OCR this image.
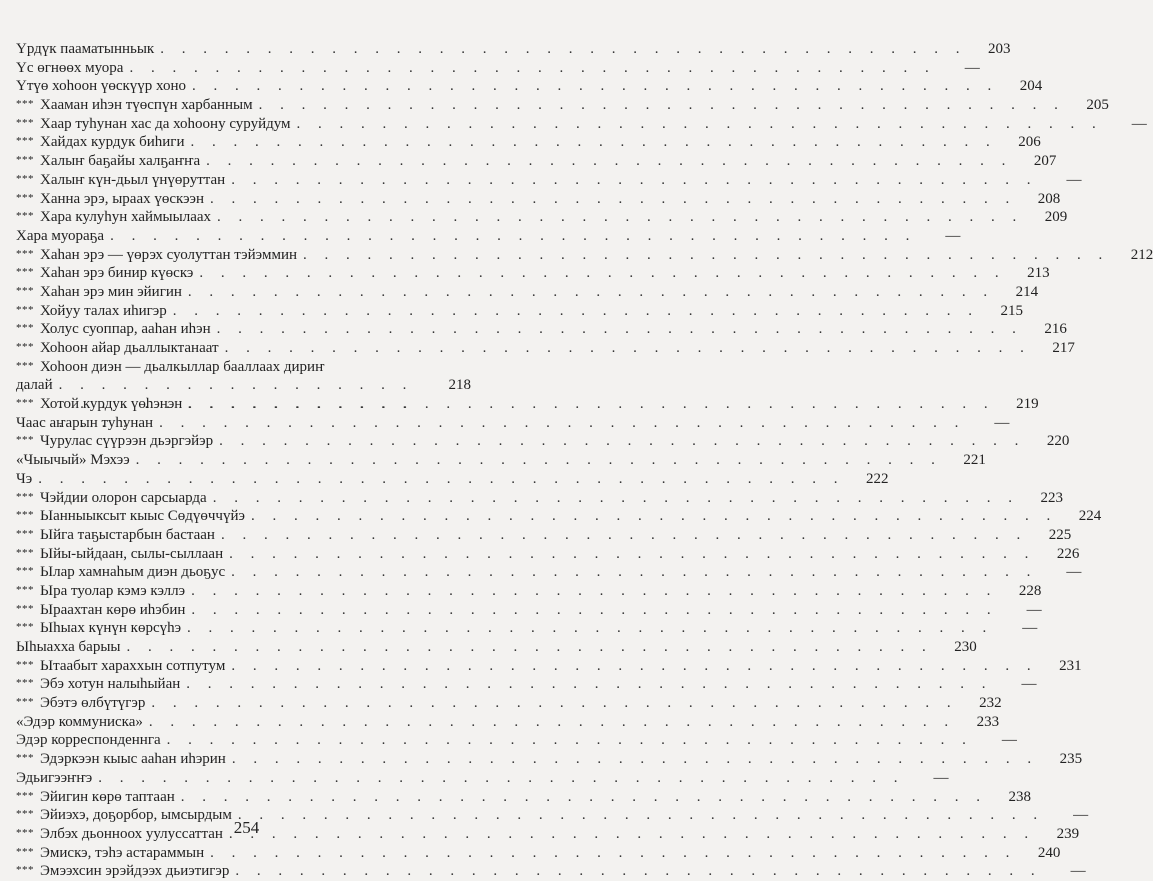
Үрдүк пааматынньык . . .	203
Үс өгнөөх муора . . .	—
Үтүө хоһоон үөскүүр хоно . . .	204
*** Хааман иһэн түөспүн харбанным . . .	205
*** Хаар туһунан хас да хоһоону суруйдум . . .	—
*** Хайдах курдук биһиги . . .	206
*** Халыҥ баҕайы халҕаҥҥа . . .	207
*** Халыҥ күн-дьыл үнүөруттан . . .	—
*** Ханна эрэ, ыраах үөскээн . . .	208
*** Хара кулуһун хаймыылаах . . .	209
Хара муораҕа . . .	—
*** Хаһан эрэ — үөрэх суолуттан тэйэммин . . .	212
*** Хаһан эрэ бинир күөскэ . . .	213
*** Хаһан эрэ мин эйигин . . .	214
*** Хойуу талах иһигэр . . .	215
*** Холус суоппар, ааһан иһэн . . .	216
*** Хоһоон айар дьаллыктанаат . . .	217
*** Хоһоон диэн — дьалкыллар бааллаах дириҥ
далай . . .	218
*** Хотой курдук үөһэнэн . . .	219
Чаас аҥарын туһунан . . .	—
*** Чурулас сүүрээн дьэргэйэр . . .	220
«Чыычый» Мэхээ . . .	221
Чэ . . .	222
*** Чэйдии олорон сарсыарда . . .	223
*** Ыанныыксыт кыыс Сөдүөччүйэ . . .	224
*** Ыйга таҕыстарбын бастаан . . .	225
*** Ыйы-ыйдаан, сылы-сыллаан . . .	226
*** Ылар хамнаһым диэн дьоҕус . . .	—
*** Ыра туолар кэмэ кэллэ . . .	228
*** Ыраахтан көрө иһэбин . . .	—
*** Ыһыах күнүн көрсүһэ . . .	—
Ыһыахха барыы . . .	230
*** Ытаабыт хараххын сотпутум . . .	231
*** Эбэ хотун налыһыйан . . .	—
*** Эбэтэ өлбүтүгэр . . .	232
«Эдэр коммуниска» . . .	233
Эдэр корреспонденнга . . .	—
*** Эдэркээн кыыс ааһан иһэрин . . .	235
Эдьигээҥҥэ . . .	—
*** Эйигин көрө таптаан . . .	238
*** Эйиэхэ, доҕорбор, ымсырдым . . .	—
*** Элбэх дьонноох уулуссаттан . . .	239
*** Эмискэ, тэһэ астараммын . . .	240
*** Эмээхсин эрэйдээх дьиэтигэр . . .	—
254
